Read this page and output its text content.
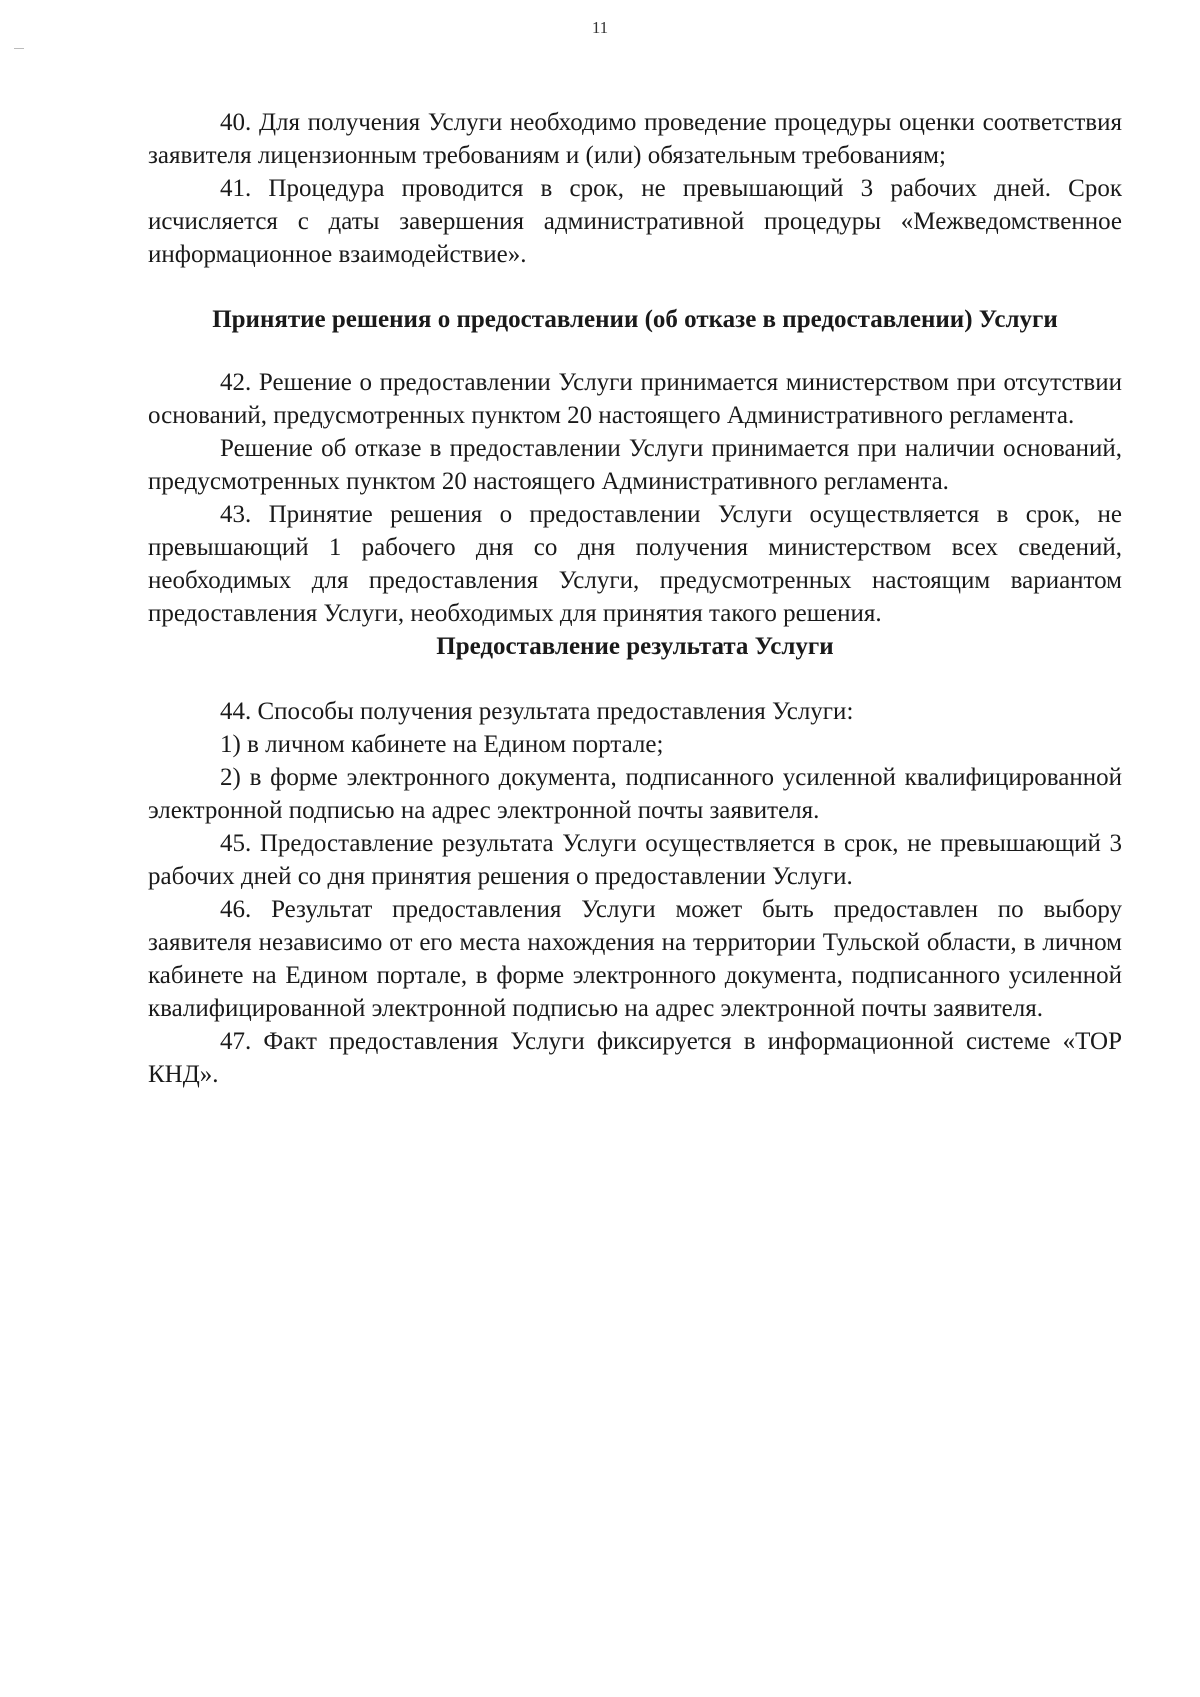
11

40. Для получения Услуги необходимо проведение процедуры оценки соответствия заявителя лицензионным требованиям и (или) обязательным требованиям;

41. Процедура проводится в срок, не превышающий 3 рабочих дней. Срок исчисляется с даты завершения административной процедуры «Межведомственное информационное взаимодействие».

Принятие решения о предоставлении (об отказе в предоставлении) Услуги

42. Решение о предоставлении Услуги принимается министерством при отсутствии оснований, предусмотренных пунктом 20 настоящего Административного регламента.

Решение об отказе в предоставлении Услуги принимается при наличии оснований, предусмотренных пунктом 20 настоящего Административного регламента.

43. Принятие решения о предоставлении Услуги осуществляется в срок, не превышающий 1 рабочего дня со дня получения министерством всех сведений, необходимых для предоставления Услуги, предусмотренных настоящим вариантом предоставления Услуги, необходимых для принятия такого решения.

Предоставление результата Услуги

44. Способы получения результата предоставления Услуги:

1) в личном кабинете на Едином портале;

2) в форме электронного документа, подписанного усиленной квалифицированной электронной подписью на адрес электронной почты заявителя.

45. Предоставление результата Услуги осуществляется в срок, не превышающий 3 рабочих дней со дня принятия решения о предоставлении Услуги.

46. Результат предоставления Услуги может быть предоставлен по выбору заявителя независимо от его места нахождения на территории Тульской области, в личном кабинете на Едином портале, в форме электронного документа, подписанного усиленной квалифицированной электронной подписью на адрес электронной почты заявителя.

47. Факт предоставления Услуги фиксируется в информационной системе «ТОР КНД».
